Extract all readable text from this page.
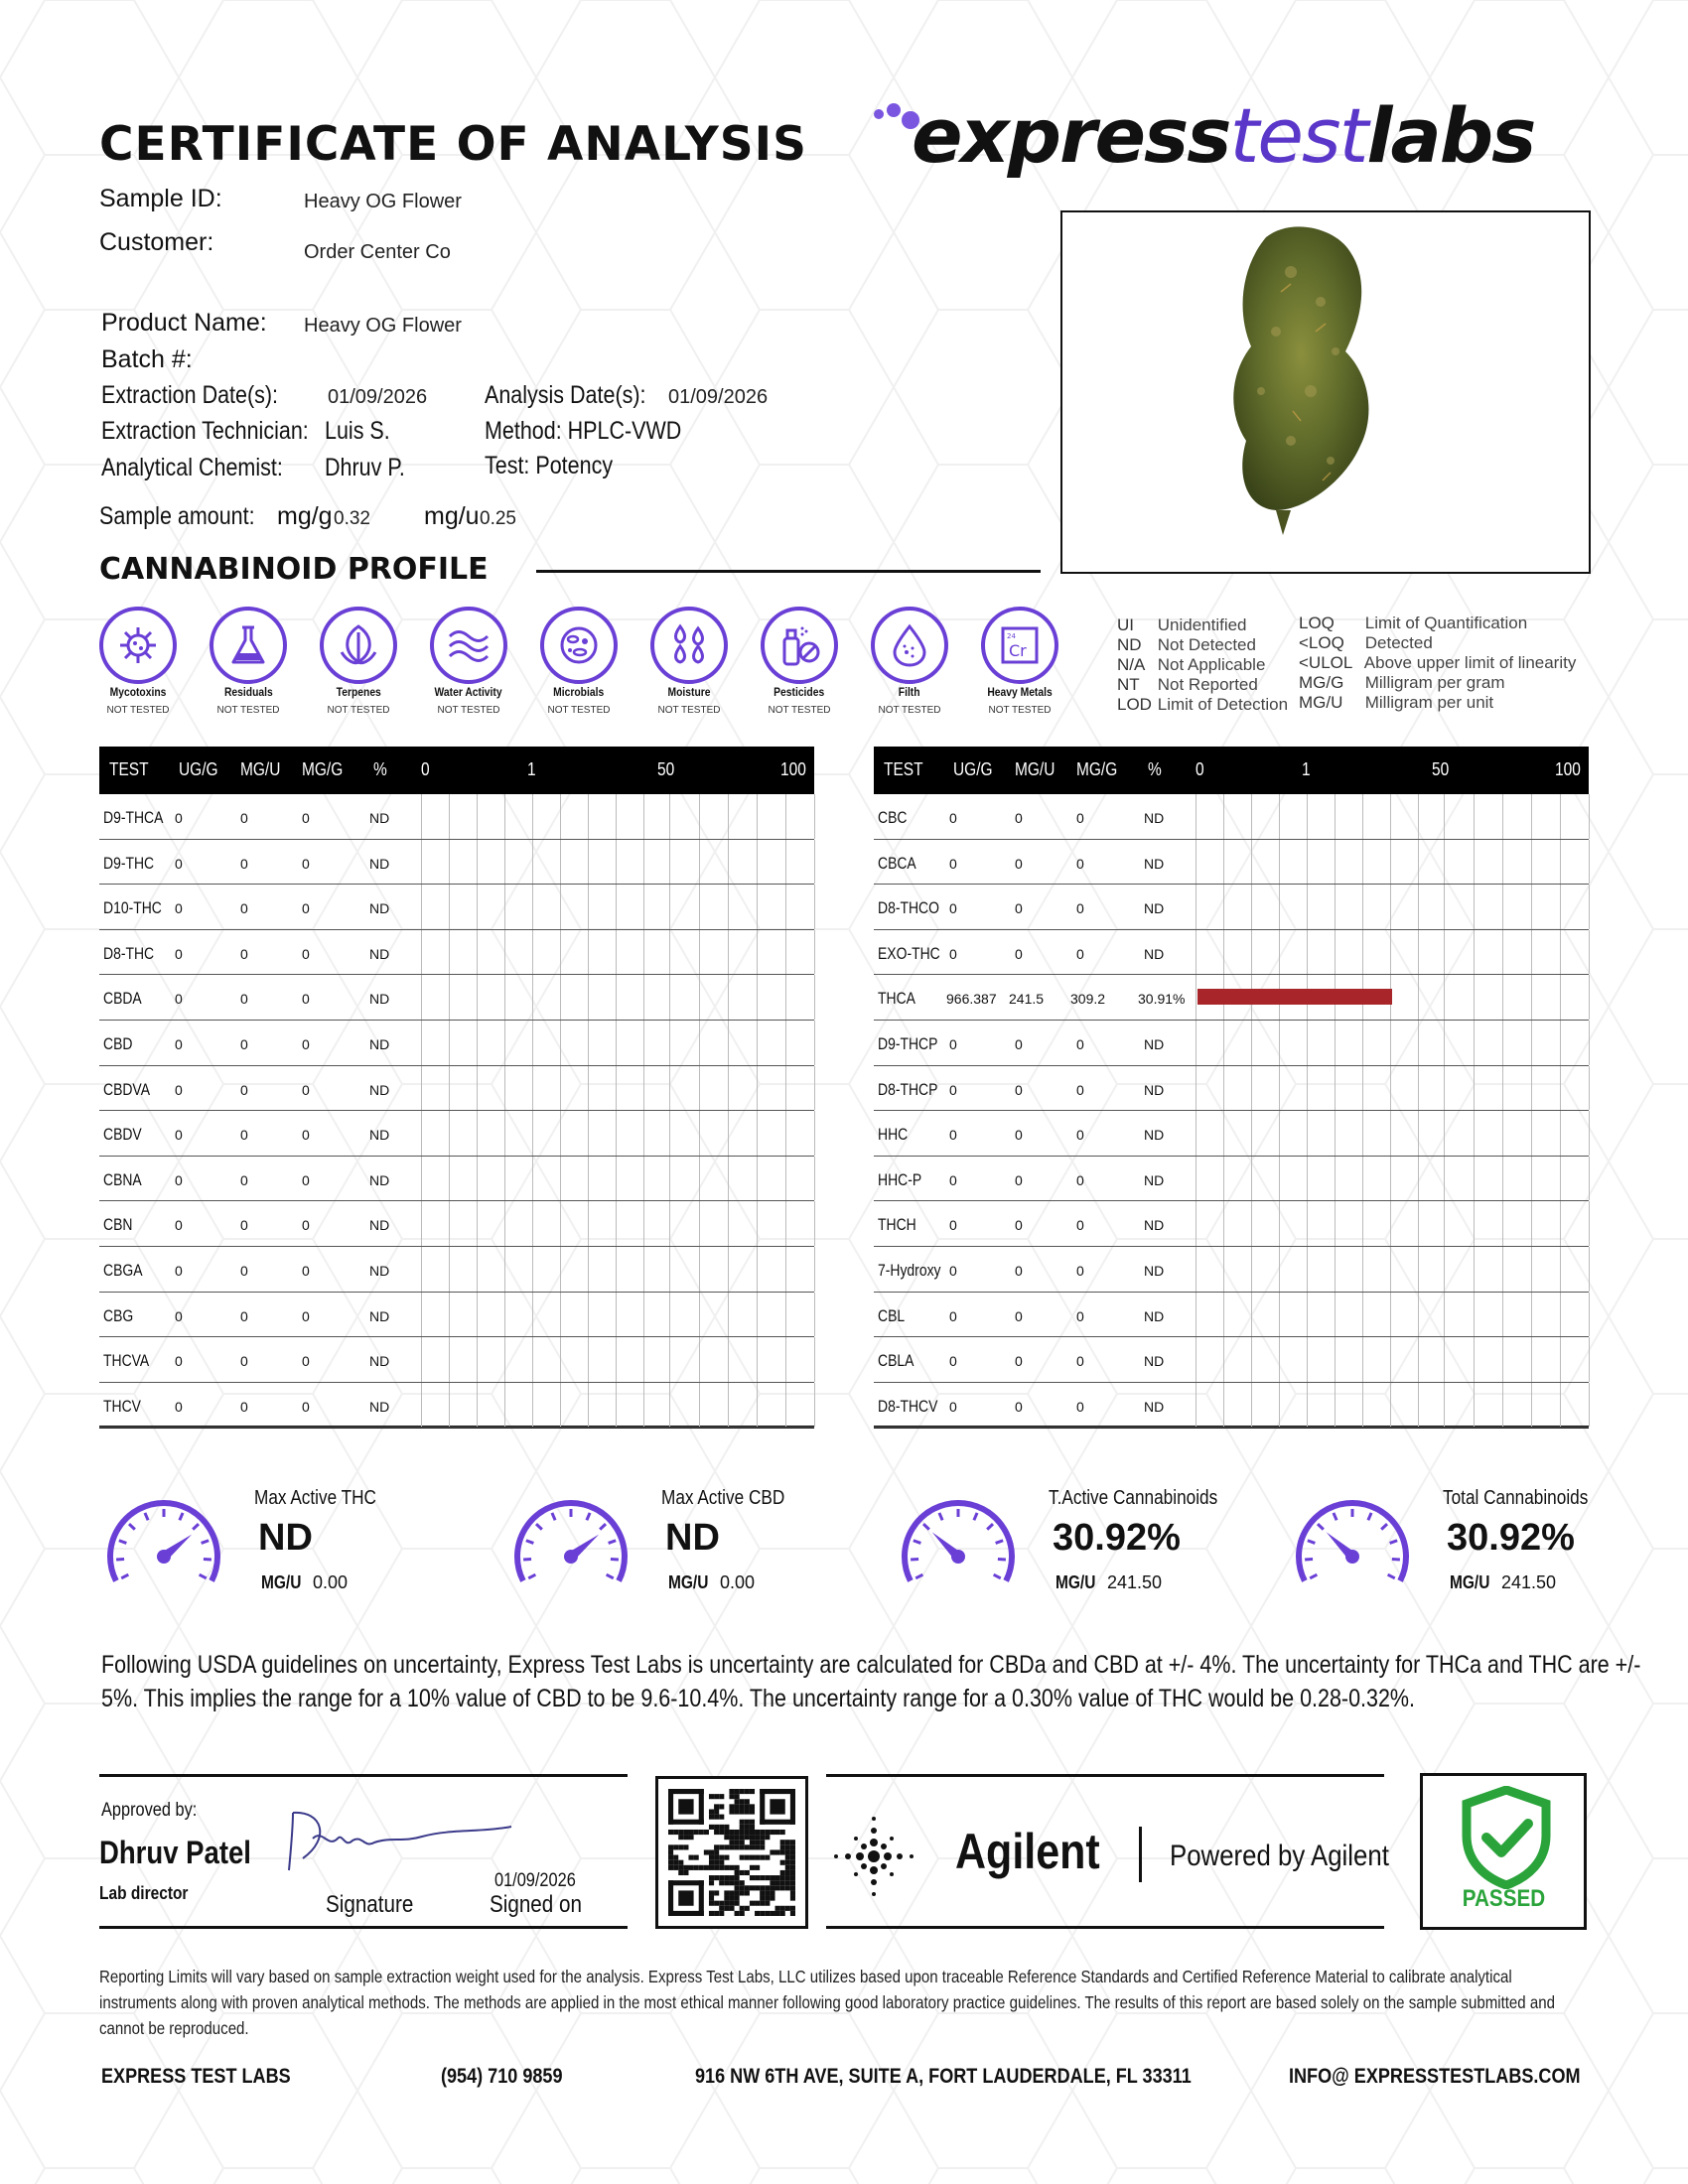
CERTIFICATE OF ANALYSIS	expresstestlabs
Sample ID:	Heavy OG Flower
Customer:	Order Center Co
Product Name: Heavy OG Flower
Batch #:
Extraction Date(s):	01/09/2026 Analysis Date(s):	01/09/2026
Extraction Technician: Luis S.	Method: HPLC-VWD
Analytical Chemist:	Dhruv P.	Test: Potency
Sample amount: mg/g 0.32 mg/u 0.25
CANNABINOID PROFILE
Mycotoxins
NOT TESTED
Residuals
NOT TESTED
Terpenes
NOT TESTED
Water Activity
NOT TESTED
Microbials
NOT TESTED
Moisture
NOT TESTED
Pesticides
NOT TESTED
Filth
NOT TESTED
24
Cr
Heavy Metals
NOT TESTED
UI Unidentified
ND Not Detected
N/A Not Applicable
NT Not Reported
LOD Limit of Detection
LOQ Limit of Quantification
<LOQ Detected
<ULOL Above upper limit of linearity
MG/G Milligram per gram
MG/U Milligram per unit
TEST	UG/G	MG/U	MG/G	% 0	1	50	100
D9-THCA 0	0	0	ND
D9-THC 0	0	0	ND
D10-THC 0	0	0	ND
D8-THC 0	0	0	ND
CBDA 0	0	0	ND
CBD	0	0	0	ND
CBDVA 0	0	0	ND
CBDV 0	0	0	ND
CBNA 0	0	0	ND
CBN	0	0	0	ND
CBGA 0	0	0	ND
CBG	0	0	0	ND
THCVA 0	0	0	ND
THCV 0	0	0	ND
TEST	UG/G	MG/U	MG/G	% 0	1	50	100
CBC	0	0	0	ND
CBCA 0	0	0	ND
D8-THCO 0	0	0	ND
EXO-THC 0	0	0	ND
THCA 966.387 241.5 309.2 30.91%
D9-THCP 0	0	0	ND
D8-THCP 0	0	0	ND
HHC	0	0	0	ND
HHC-P 0	0	0	ND
THCH 0	0	0	ND
7-Hydroxy 0	0	0	ND
CBL	0	0	0	ND
CBLA	0	0	0	ND
D8-THCV 0	0	0	ND
Max Active THC
ND
MG/U 0.00
Max Active CBD
ND
MG/U 0.00
T.Active Cannabinoids
30.92%
MG/U 241.50
Total Cannabinoids
30.92%
MG/U 241.50
Following USDA guidelines on uncertainty, Express Test Labs is uncertainty are calculated for CBDa and CBD at +/- 4%. The uncertainty for THCa and THC are +/- 5%. This implies the range for a 10% value of CBD to be 9.6-10.4%. The uncertainty range for a 0.30% value of THC would be 0.28-0.32%.
Approved by:
Dhruv Patel
Lab director	Signature
01/09/2026
Signed on
Agilent	Powered by Agilent
PASSED
Reporting Limits will vary based on sample extraction weight used for the analysis. Express Test Labs, LLC utilizes based upon traceable Reference Standards and Certified Reference Material to calibrate analytical instruments along with proven analytical methods. The methods are applied in the most ethical manner following good laboratory practice guidelines. The results of this report are based solely on the sample submitted and cannot be reproduced.
EXPRESS TEST LABS	(954) 710 9859	916 NW 6TH AVE, SUITE A, FORT LAUDERDALE, FL 33311	INFO@ EXPRESSTESTLABS.COM
